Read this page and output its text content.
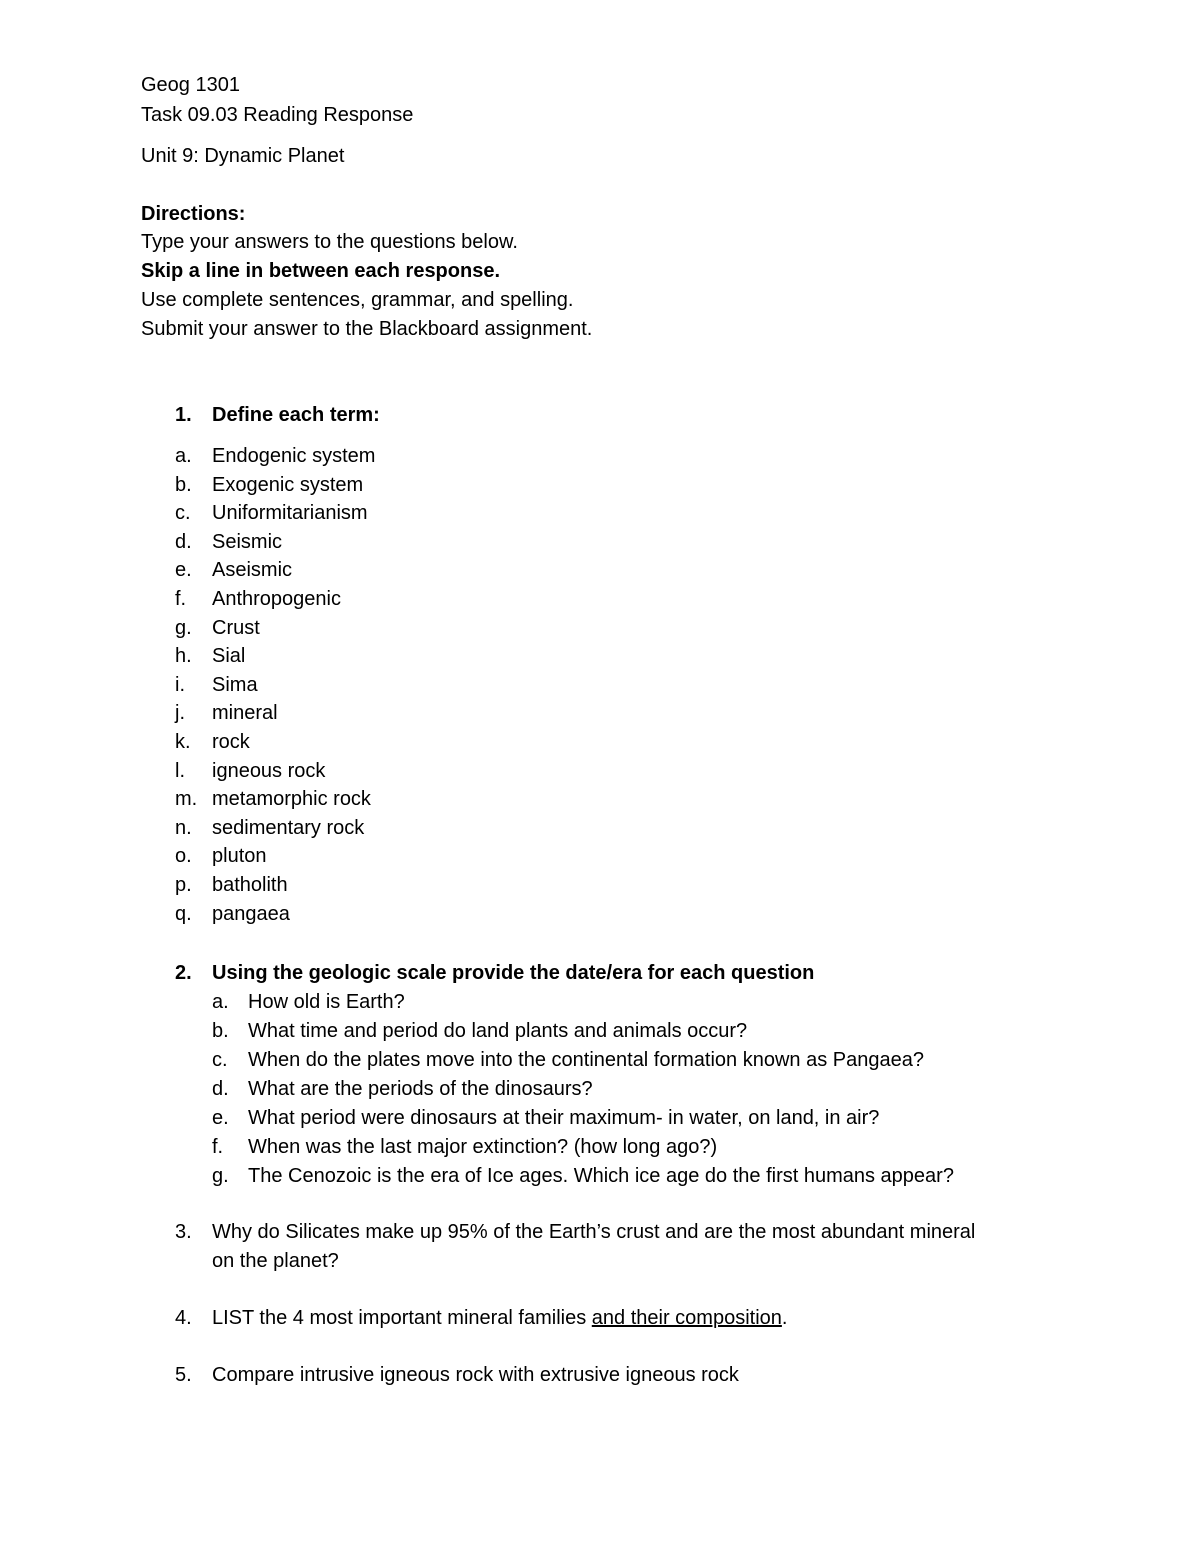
Geog 1301
Task 09.03 Reading Response
Unit 9: Dynamic Planet
Directions:
Type your answers to the questions below.
Skip a line in between each response.
Use complete sentences, grammar, and spelling.
Submit your answer to the Blackboard assignment.
1.	Define each term:
a.	Endogenic system
b.	Exogenic system
c.	Uniformitarianism
d.	Seismic
e.	Aseismic
f.	Anthropogenic
g.	Crust
h.	Sial
i.	Sima
j.	mineral
k.	rock
l.	igneous rock
m. metamorphic rock
n.	sedimentary rock
o.	pluton
p.	batholith
q.	pangaea
2.	Using the geologic scale provide the date/era for each question
a. How old is Earth?
b. What time and period do land plants and animals occur?
c.	When do the plates move into the continental formation known as Pangaea?
d. What are the periods of the dinosaurs?
e. What period were dinosaurs at their maximum- in water, on land, in air?
f.	When was the last major extinction? (how long ago?)
g. The Cenozoic is the era of Ice ages. Which ice age do the first humans appear?
3.	Why do Silicates make up 95% of the Earth’s crust and are the most abundant mineral
on the planet?
4.	LIST the 4 most important mineral families and their composition.
5.	Compare intrusive igneous rock with extrusive igneous rock
